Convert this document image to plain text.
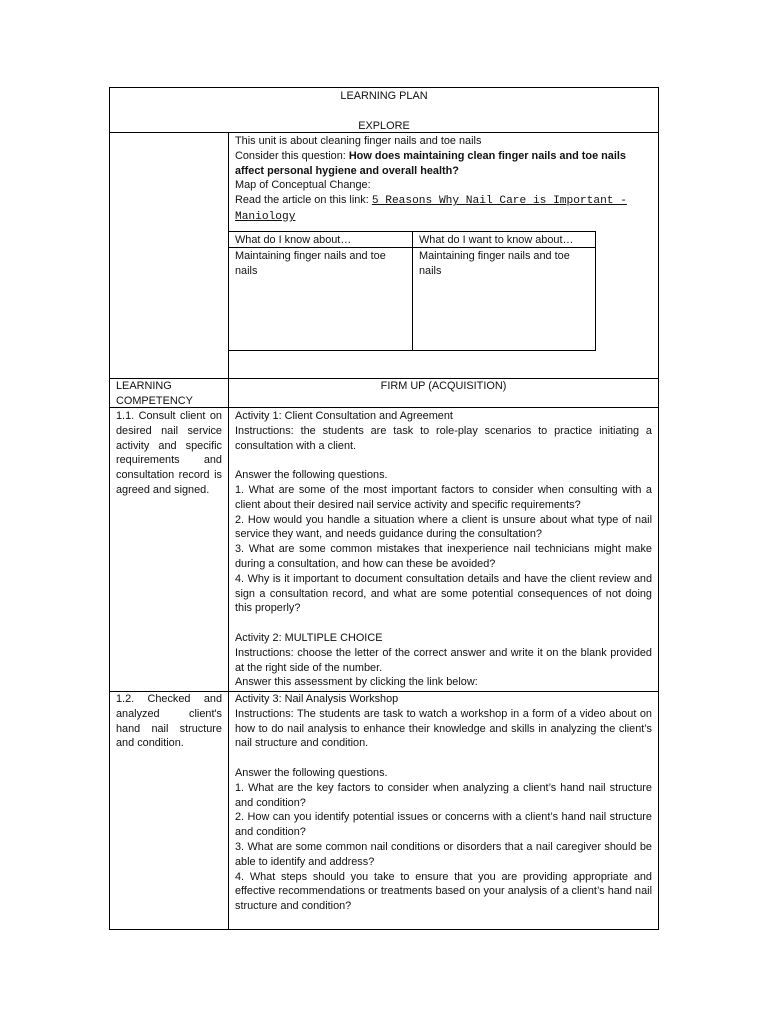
LEARNING PLAN

EXPLORE

This unit is about cleaning finger nails and toe nails

Consider this question: How does maintaining clean finger nails and toe nails affect personal hygiene and overall health?

Map of Conceptual Change:

Read the article on this link: 5 Reasons Why Nail Care is Important - Maniology

What do I know about…	What do I want to know about…
Maintaining finger nails and toe nails
Maintaining finger nails and toe nails
LEARNING COMPETENCY
FIRM UP (ACQUISITION)
1.1. Consult client on desired nail service activity and specific requirements and consultation record is agreed and signed.

Activity 1: Client Consultation and Agreement

Instructions: the students are task to role-play scenarios to practice initiating a consultation with a client.

Answer the following questions.

1. What are some of the most important factors to consider when consulting with a client about their desired nail service activity and specific requirements?

2. How would you handle a situation where a client is unsure about what type of nail service they want, and needs guidance during the consultation?

3. What are some common mistakes that inexperience nail technicians might make during a consultation, and how can these be avoided?

4. Why is it important to document consultation details and have the client review and sign a consultation record, and what are some potential consequences of not doing this properly?

Activity 2: MULTIPLE CHOICE

Instructions: choose the letter of the correct answer and write it on the blank provided at the right side of the number.

Answer this assessment by clicking the link below:

1.2. Checked and analyzed client's hand nail structure and condition.

Activity 3: Nail Analysis Workshop

Instructions: The students are task to watch a workshop in a form of a video about on how to do nail analysis to enhance their knowledge and skills in analyzing the client’s nail structure and condition.

Answer the following questions.

1. What are the key factors to consider when analyzing a client’s hand nail structure and condition?

2. How can you identify potential issues or concerns with a client’s hand nail structure and condition?

3. What are some common nail conditions or disorders that a nail caregiver should be able to identify and address?

4. What steps should you take to ensure that you are providing appropriate and effective recommendations or treatments based on your analysis of a client’s hand nail structure and condition?
